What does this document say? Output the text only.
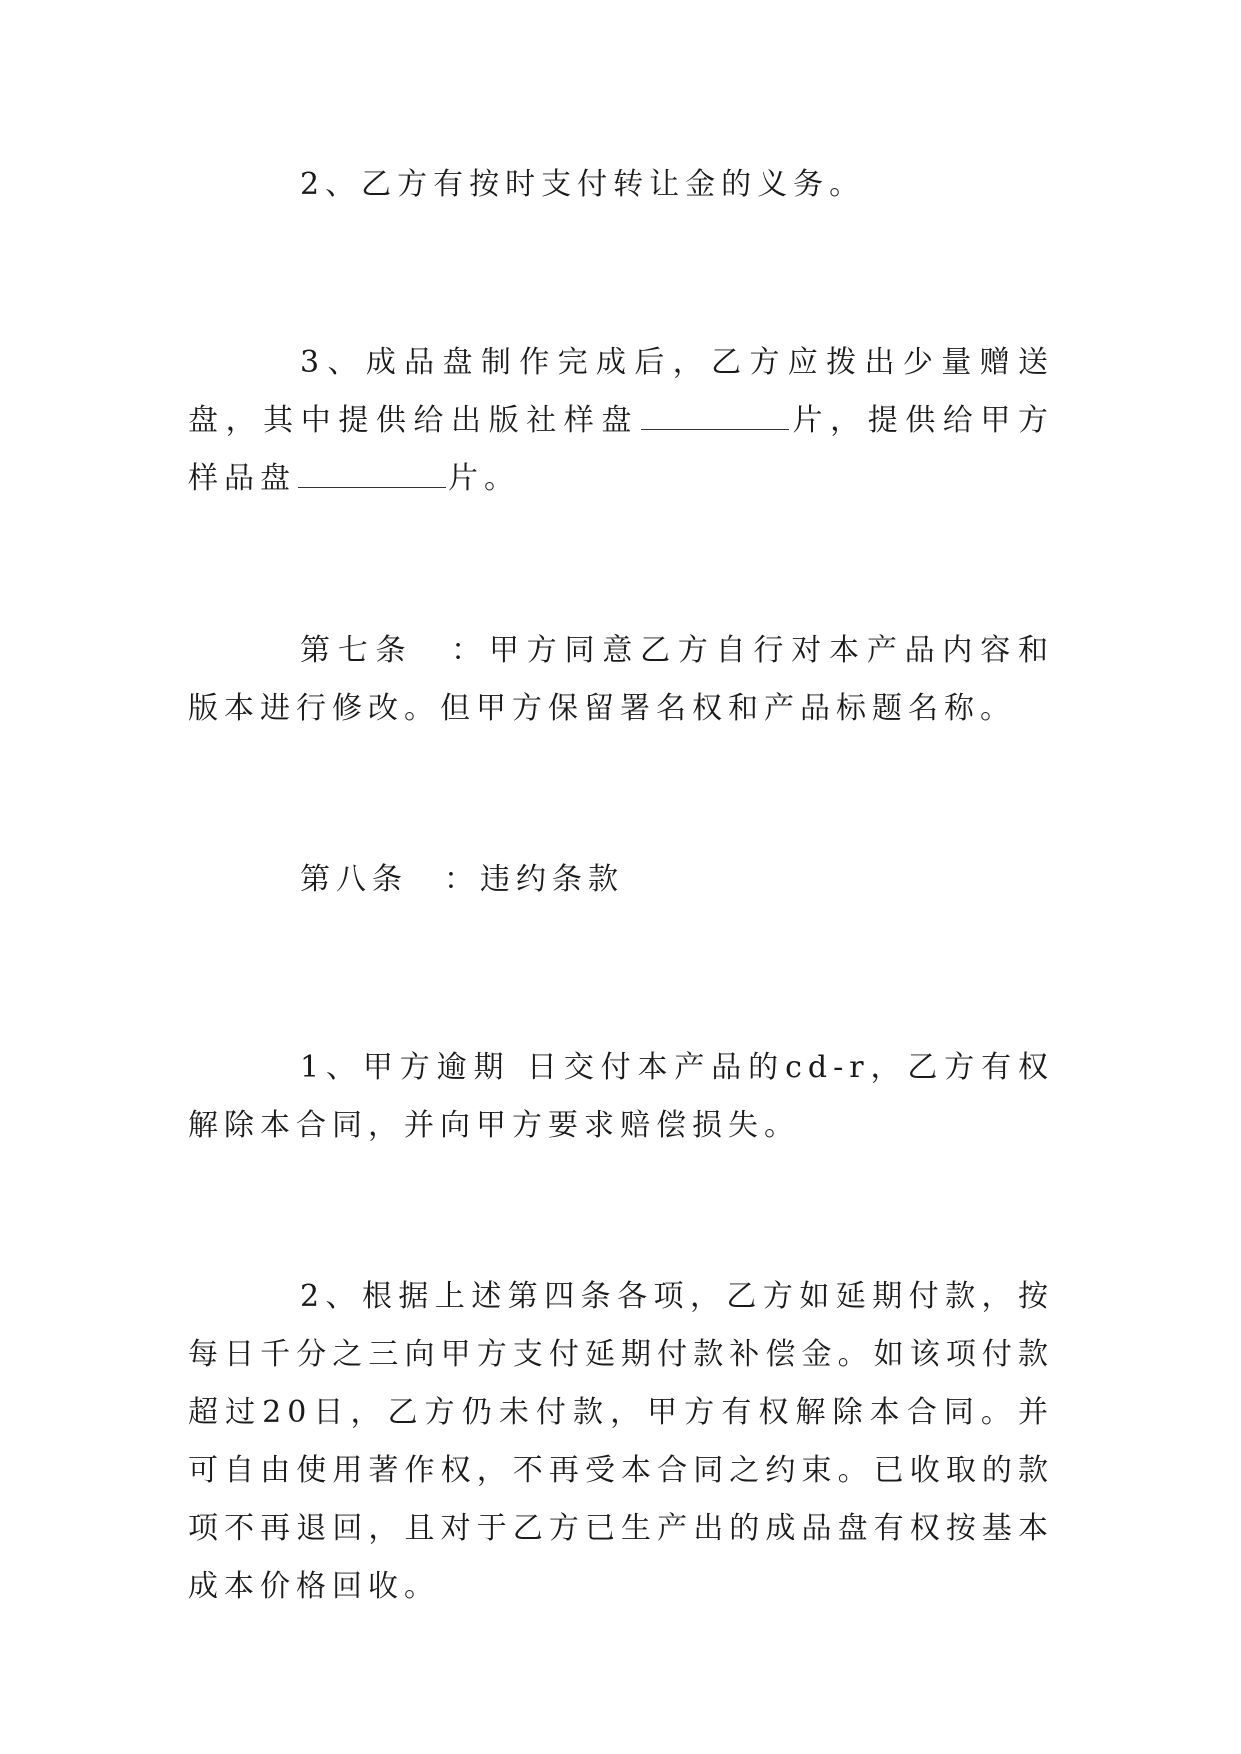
2、乙方有按时支付转让金的义务。

3、成品盘制作完成后，乙方应拨出少量赠送盘，其中提供给出版社样盘	片，提供给甲方样品盘	片。

第七条　：甲方同意乙方自行对本产品内容和版本进行修改。但甲方保留署名权和产品标题名称。

第八条　：违约条款

1、甲方逾期 日交付本产品的cd-r，乙方有权解除本合同，并向甲方要求赔偿损失。

2、根据上述第四条各项，乙方如延期付款，按每日千分之三向甲方支付延期付款补偿金。如该项付款超过20日，乙方仍未付款，甲方有权解除本合同。并可自由使用著作权，不再受本合同之约束。已收取的款项不再退回，且对于乙方已生产出的成品盘有权按基本成本价格回收。
